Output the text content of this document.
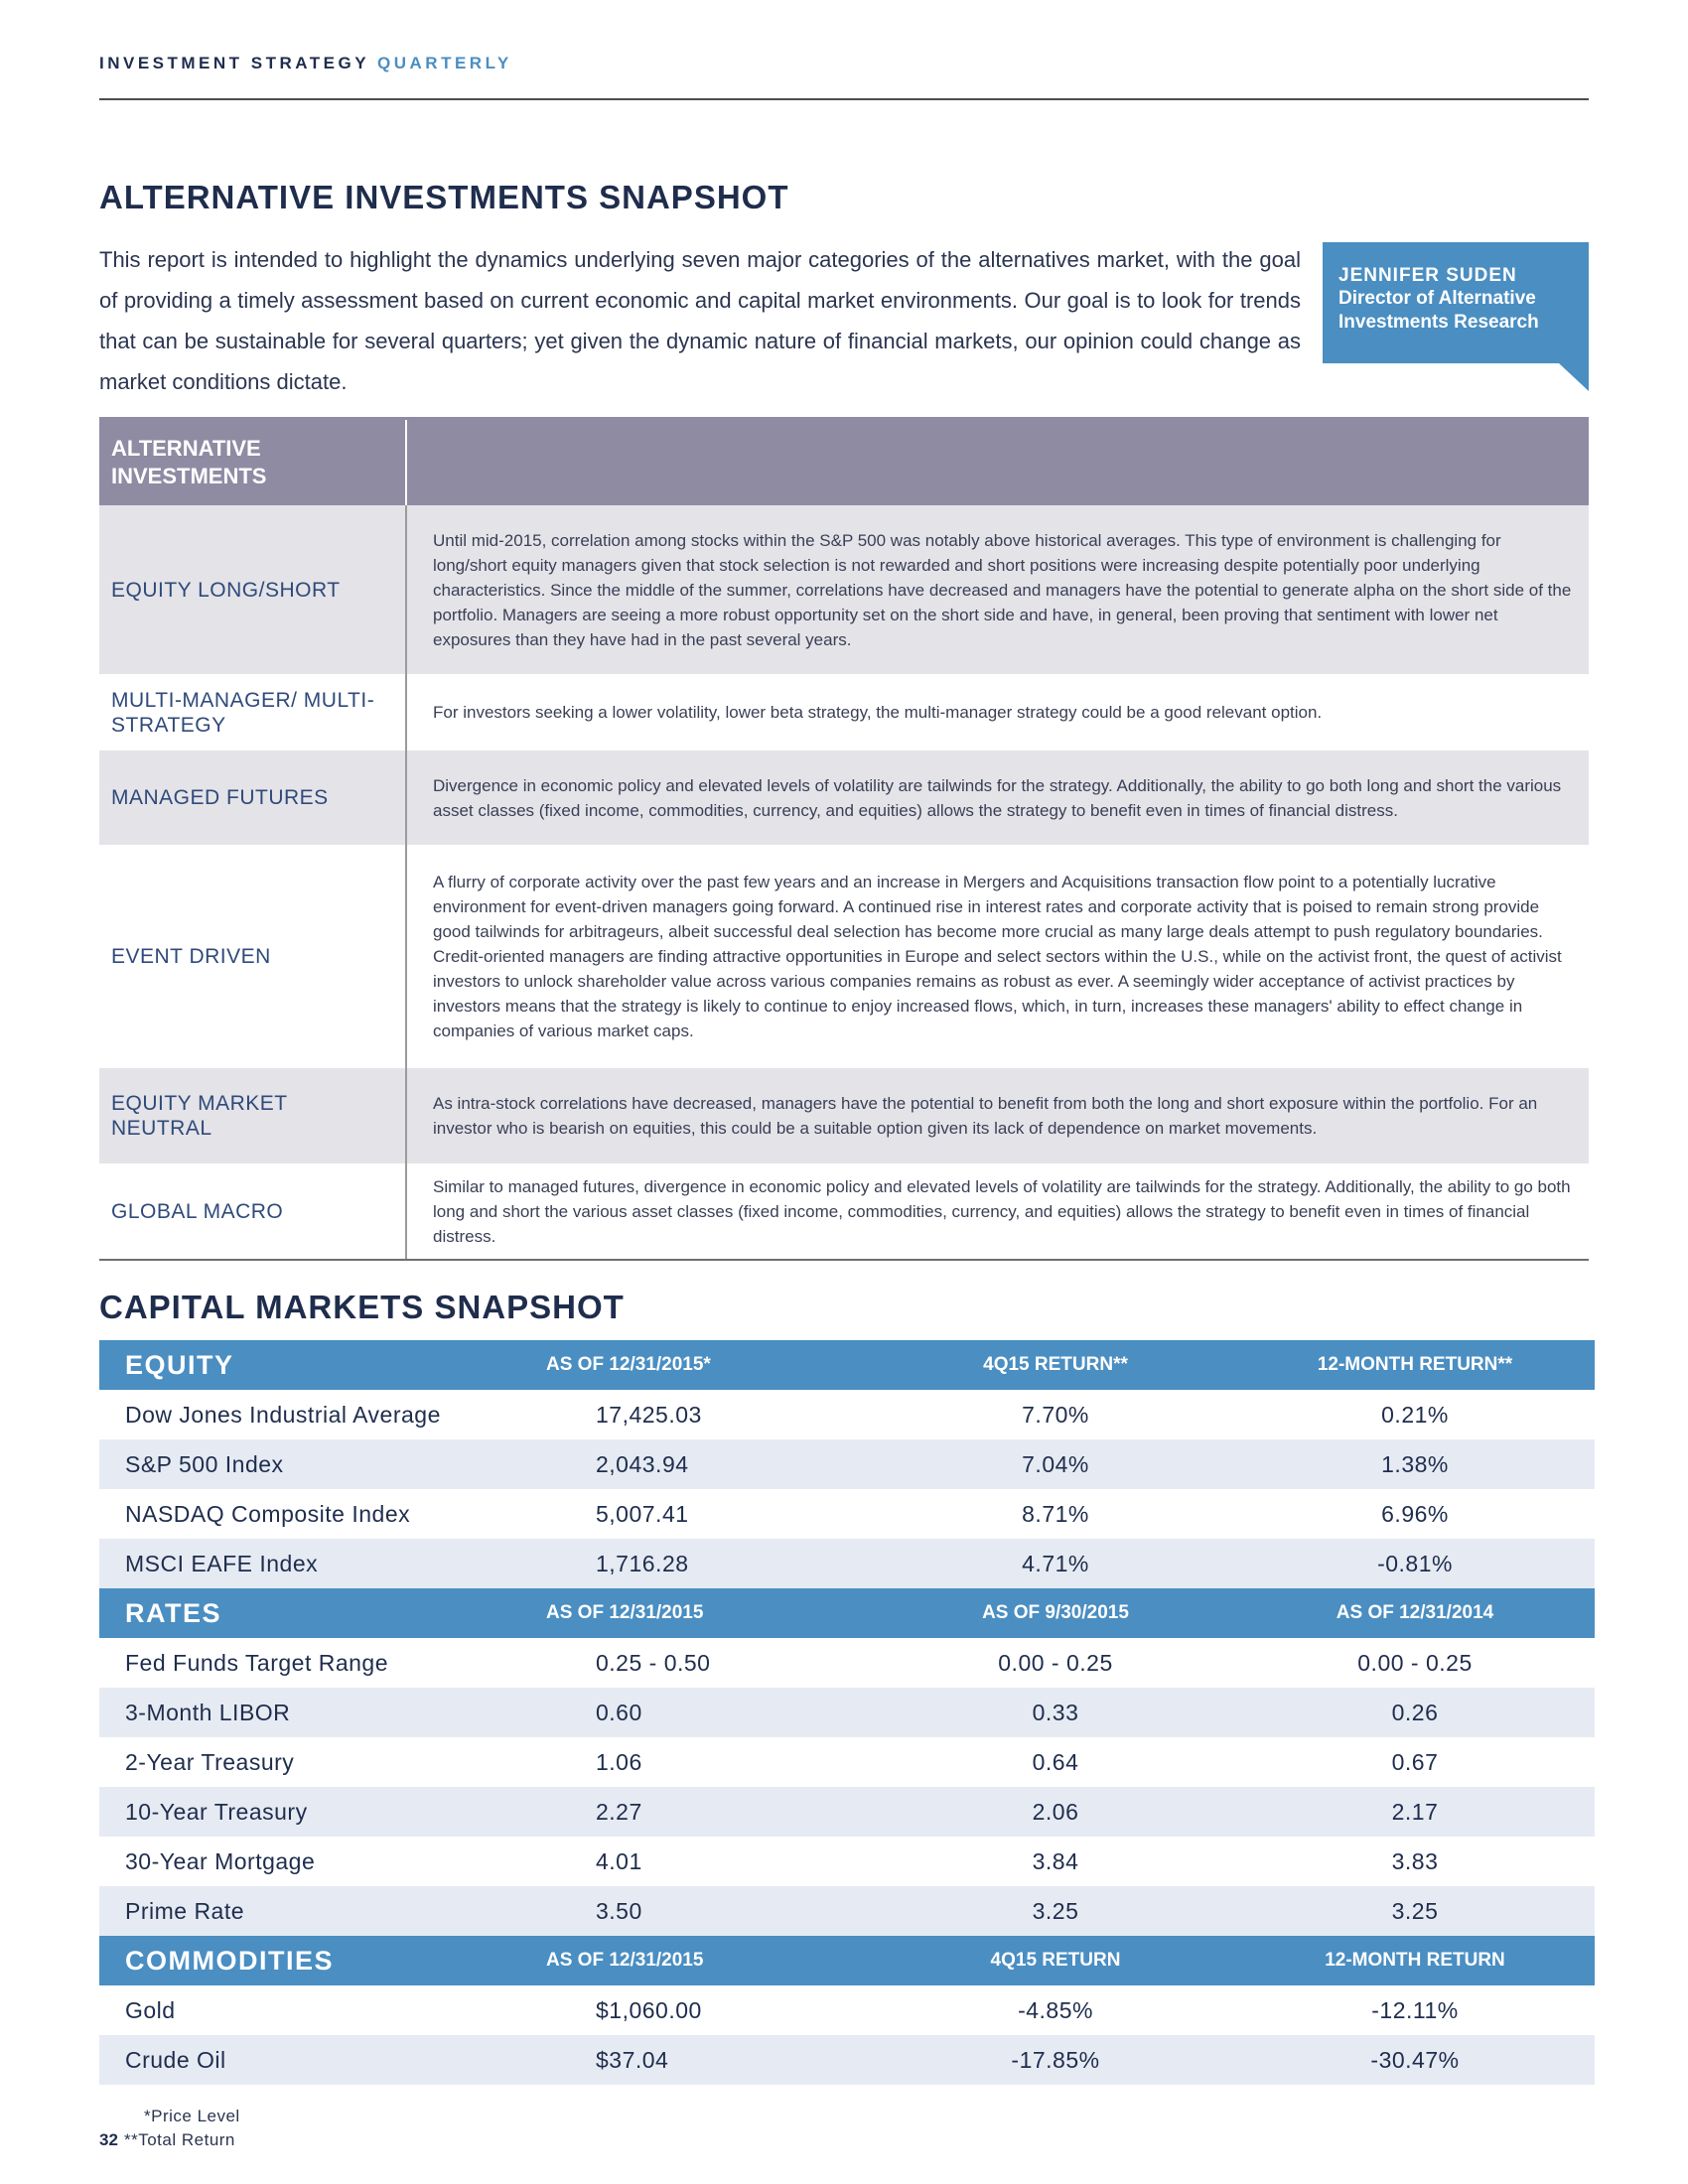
INVESTMENT STRATEGY QUARTERLY
ALTERNATIVE INVESTMENTS SNAPSHOT

This report is intended to highlight the dynamics underlying seven major categories of the alternatives market, with the goal of providing a timely assessment based on current economic and capital market environments. Our goal is to look for trends that can be sustainable for several quarters; yet given the dynamic nature of financial markets, our opinion could change as market conditions dictate.

JENNIFER SUDEN
Director of Alternative
Investments Research
ALTERNATIVE INVESTMENTS	
EQUITY LONG/SHORT	Until mid-2015, correlation among stocks within the S&P 500 was notably above historical averages. This type of environment is challenging for long/short equity managers given that stock selection is not rewarded and short positions were increasing despite potentially poor underlying characteristics. Since the middle of the summer, correlations have decreased and managers have the potential to generate alpha on the short side of the portfolio. Managers are seeing a more robust opportunity set on the short side and have, in general, been proving that sentiment with lower net exposures than they have had in the past several years.
MULTI-MANAGER/ MULTI-STRATEGY	For investors seeking a lower volatility, lower beta strategy, the multi-manager strategy could be a good relevant option.
MANAGED FUTURES	Divergence in economic policy and elevated levels of volatility are tailwinds for the strategy. Additionally, the ability to go both long and short the various asset classes (fixed income, commodities, currency, and equities) allows the strategy to benefit even in times of financial distress.
EVENT DRIVEN	A flurry of corporate activity over the past few years and an increase in Mergers and Acquisitions transaction flow point to a potentially lucrative environment for event-driven managers going forward. A continued rise in interest rates and corporate activity that is poised to remain strong provide good tailwinds for arbitrageurs, albeit successful deal selection has become more crucial as many large deals attempt to push regulatory boundaries. Credit-oriented managers are finding attractive opportunities in Europe and select sectors within the U.S., while on the activist front, the quest of activist investors to unlock shareholder value across various companies remains as robust as ever. A seemingly wider acceptance of activist practices by investors means that the strategy is likely to continue to enjoy increased flows, which, in turn, increases these managers' ability to effect change in companies of various market caps.
EQUITY MARKET NEUTRAL	As intra-stock correlations have decreased, managers have the potential to benefit from both the long and short exposure within the portfolio. For an investor who is bearish on equities, this could be a suitable option given its lack of dependence on market movements.
GLOBAL MACRO	Similar to managed futures, divergence in economic policy and elevated levels of volatility are tailwinds for the strategy. Additionally, the ability to go both long and short the various asset classes (fixed income, commodities, currency, and equities) allows the strategy to benefit even in times of financial distress.
CAPITAL MARKETS SNAPSHOT
EQUITY	AS OF 12/31/2015*	4Q15 RETURN**	12-MONTH RETURN**
Dow Jones Industrial Average	17,425.03	7.70%	0.21%
S&P 500 Index	2,043.94	7.04%	1.38%
NASDAQ Composite Index	5,007.41	8.71%	6.96%
MSCI EAFE Index	1,716.28	4.71%	-0.81%
RATES	AS OF 12/31/2015	AS OF 9/30/2015	AS OF 12/31/2014
Fed Funds Target Range	0.25 - 0.50	0.00 - 0.25	0.00 - 0.25
3-Month LIBOR	0.60	0.33	0.26
2-Year Treasury	1.06	0.64	0.67
10-Year Treasury	2.27	2.06	2.17
30-Year Mortgage	4.01	3.84	3.83
Prime Rate	3.50	3.25	3.25
COMMODITIES	AS OF 12/31/2015	4Q15 RETURN	12-MONTH RETURN
Gold	$1,060.00	-4.85%	-12.11%
Crude Oil	$37.04	-17.85%	-30.47%
*Price Level
32 **Total Return
